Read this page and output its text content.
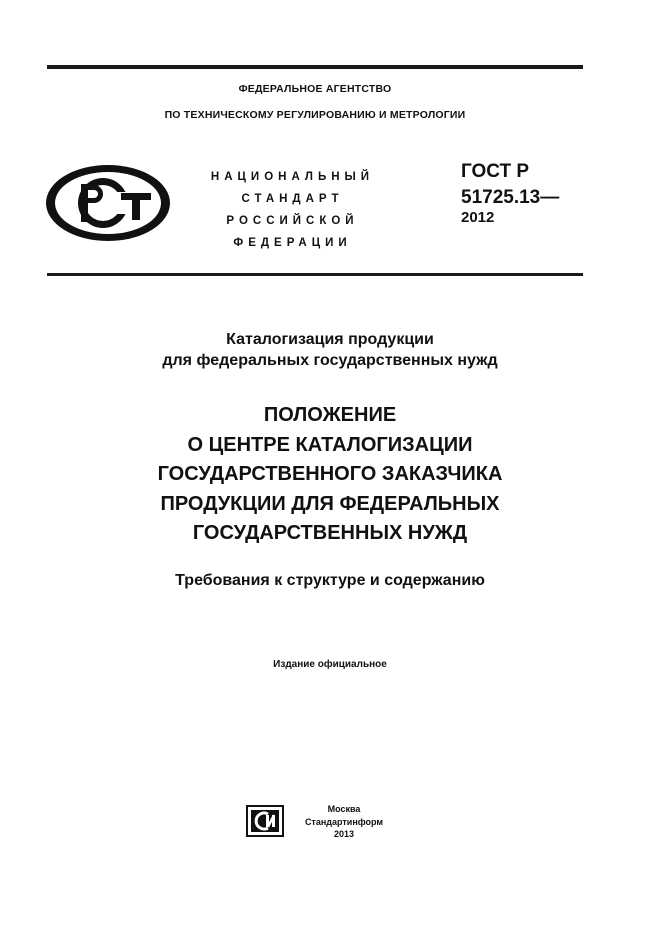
ФЕДЕРАЛЬНОЕ АГЕНТСТВО
ПО ТЕХНИЧЕСКОМУ РЕГУЛИРОВАНИЮ И МЕТРОЛОГИИ
НАЦИОНАЛЬНЫЙ
СТАНДАРТ
РОССИЙСКОЙ
ФЕДЕРАЦИИ
ГОСТ Р
51725.13—
2012
Каталогизация продукции
для федеральных государственных нужд
ПОЛОЖЕНИЕ
О ЦЕНТРЕ КАТАЛОГИЗАЦИИ
ГОСУДАРСТВЕННОГО ЗАКАЗЧИКА
ПРОДУКЦИИ ДЛЯ ФЕДЕРАЛЬНЫХ
ГОСУДАРСТВЕННЫХ НУЖД
Требования к структуре и содержанию
Издание официальное
Москва
Стандартинформ
2013
